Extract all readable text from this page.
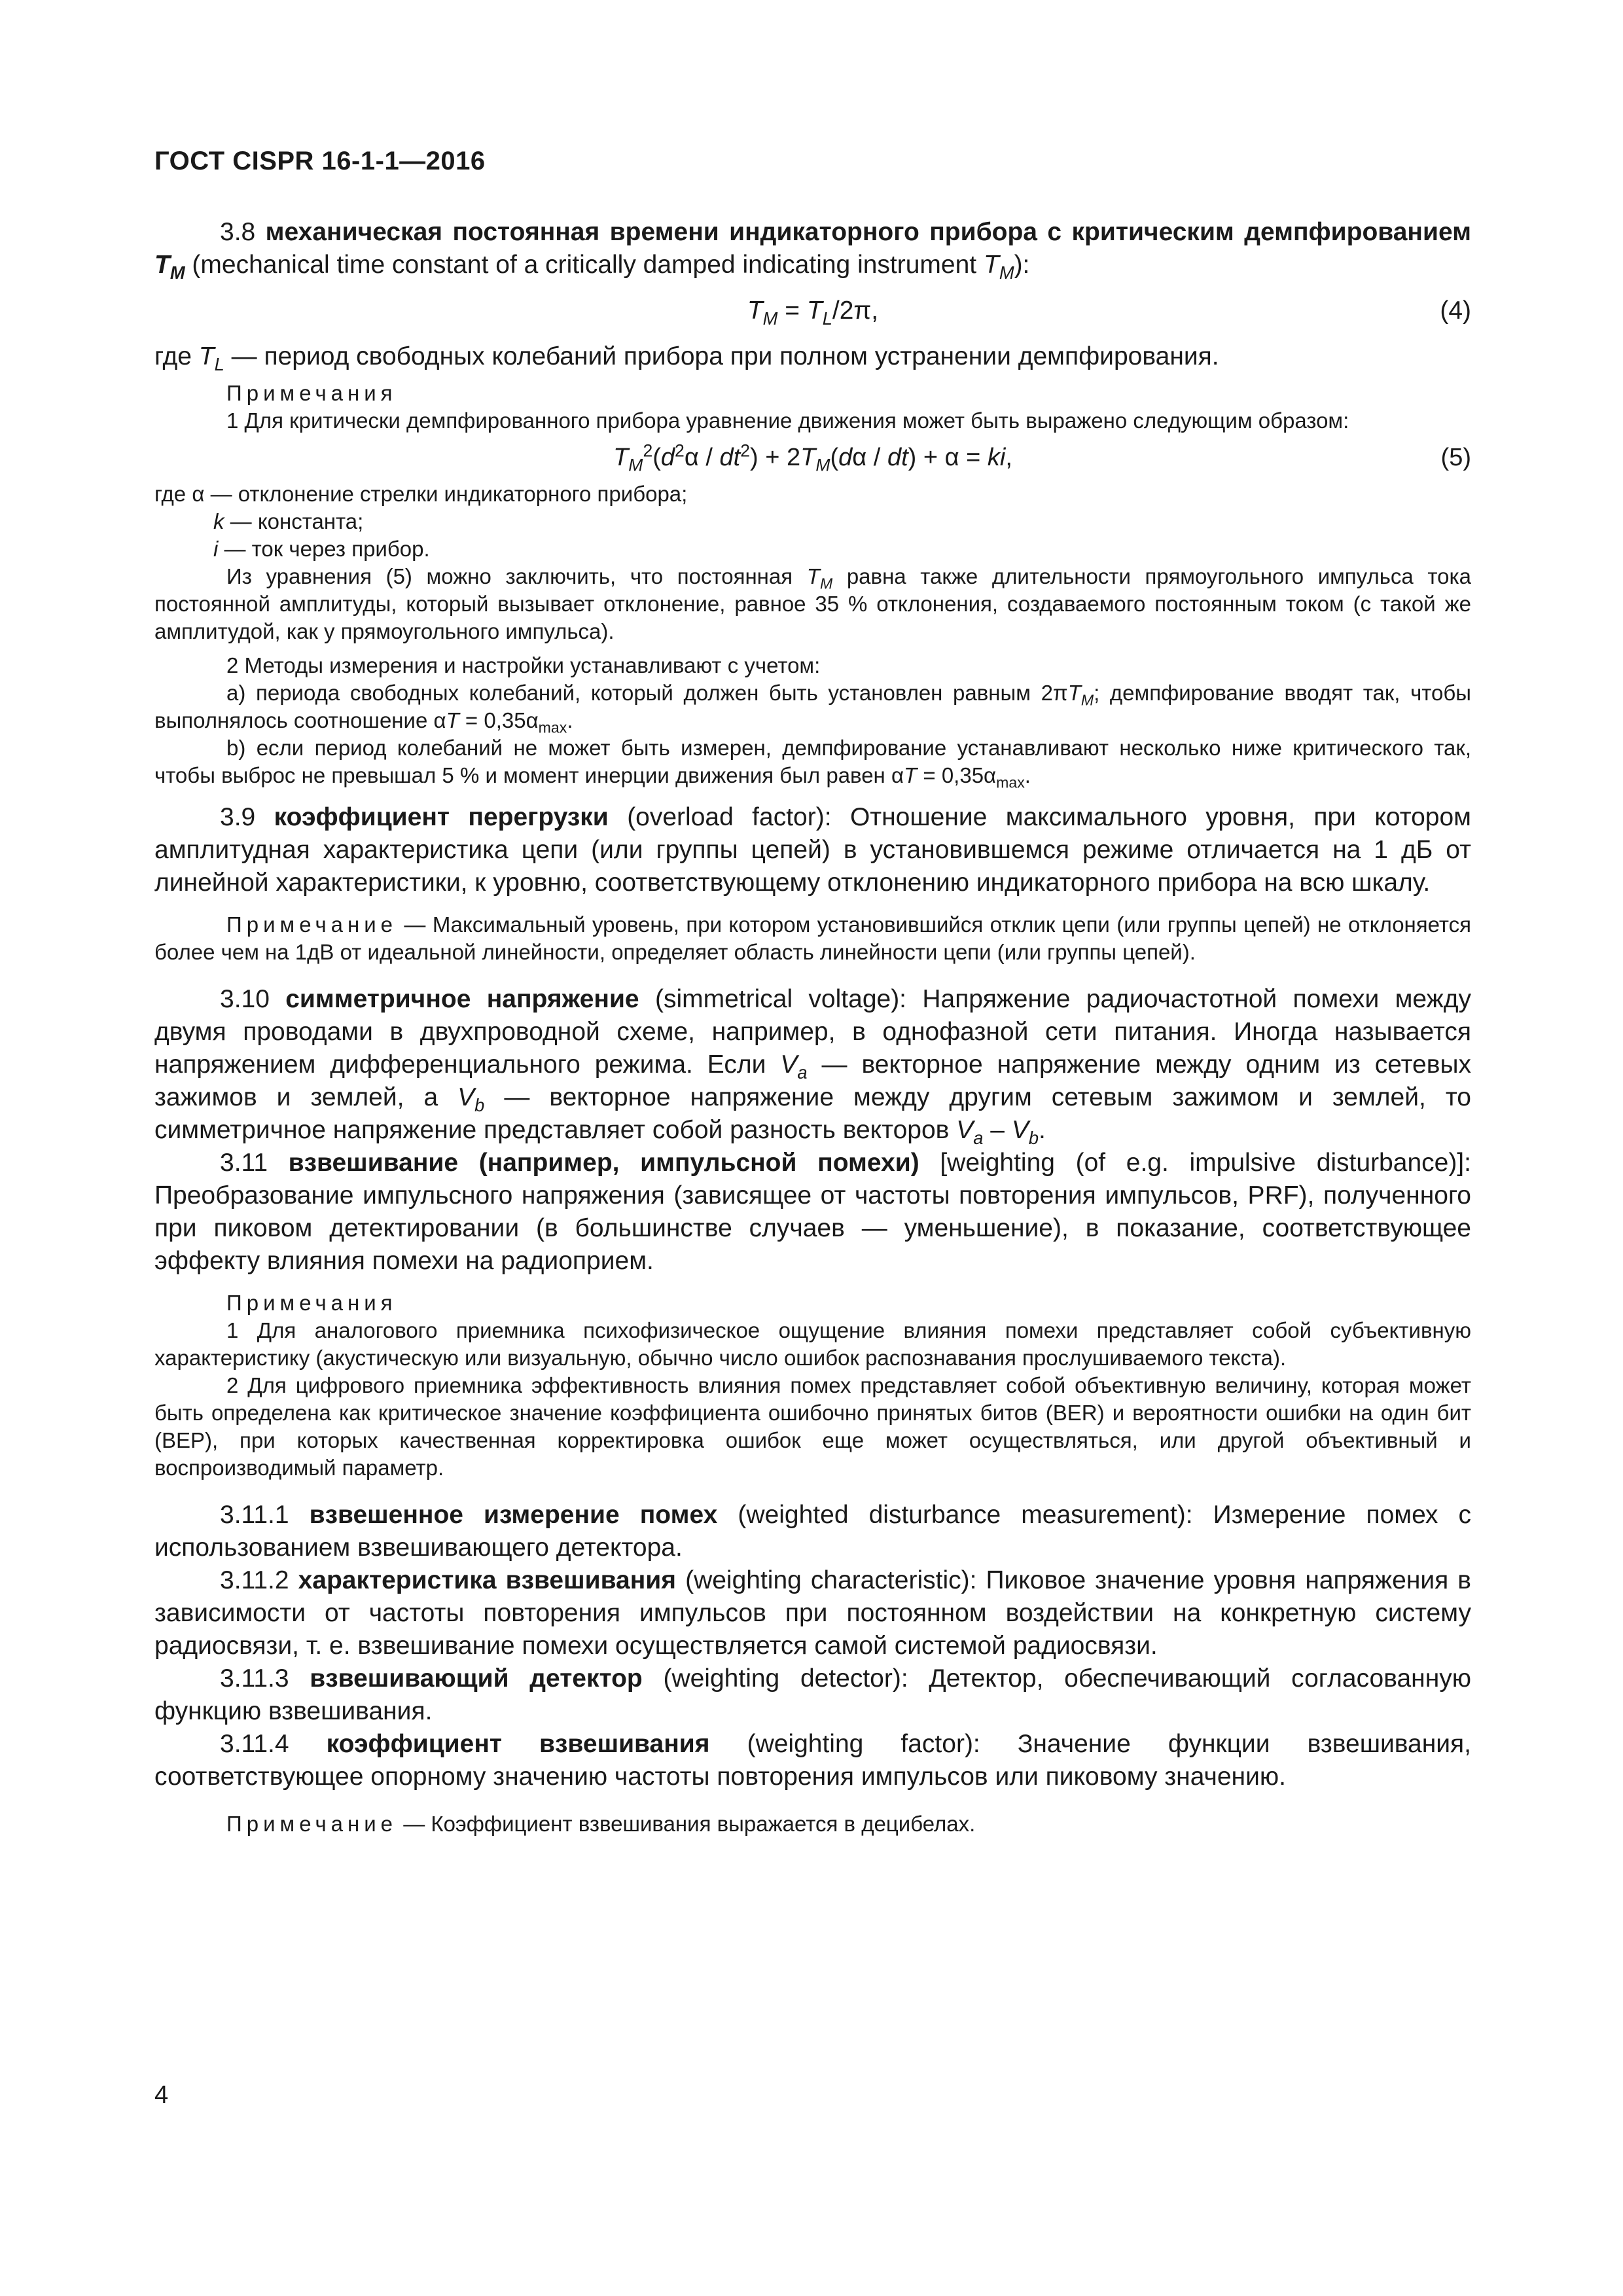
ГОСТ CISPR 16-1-1—2016

3.8 механическая постоянная времени индикаторного прибора с критическим демпфированием $T_M$ (mechanical time constant of a critically damped indicating instrument $T_M$):

$T_M = T_L/2\pi$,	(4)

где $T_L$ — период свободных колебаний прибора при полном устранении демпфирования.

Примечания

1 Для критически демпфированного прибора уравнение движения может быть выражено следующим образом:

$T_M^2(d^2\alpha / dt^2) + 2T_M(d\alpha / dt) + \alpha$ = ki,	(5)

где α — отклонение стрелки индикаторного прибора;

k — константа;

i — ток через прибор.

Из уравнения (5) можно заключить, что постоянная $T_M$ равна также длительности прямоугольного импульса тока постоянной амплитуды, который вызывает отклонение, равное 35 % отклонения, создаваемого постоянным током (с такой же амплитудой, как у прямоугольного импульса).

2 Методы измерения и настройки устанавливают с учетом:

а) периода свободных колебаний, который должен быть установлен равным $2\pi T_M$; демпфирование вводят так, чтобы выполнялось соотношение $\alpha T = 0,35\alpha_{max}$.

b) если период колебаний не может быть измерен, демпфирование устанавливают несколько ниже критического так, чтобы выброс не превышал 5 % и момент инерции движения был равен $\alpha T = 0,35\alpha_{max}$.

3.9 коэффициент перегрузки (overload factor): Отношение максимального уровня, при котором амплитудная характеристика цепи (или группы цепей) в установившемся режиме отличается на 1 дБ от линейной характеристики, к уровню, соответствующему отклонению индикаторного прибора на всю шкалу.

Примечание — Максимальный уровень, при котором установившийся отклик цепи (или группы цепей) не отклоняется более чем на 1дВ от идеальной линейности, определяет область линейности цепи (или группы цепей).

3.10 симметричное напряжение (simmetrical voltage): Напряжение радиочастотной помехи между двумя проводами в двухпроводной схеме, например, в однофазной сети питания. Иногда называется напряжением дифференциального режима. Если $V_a$ — векторное напряжение между одним из сетевых зажимов и землей, а $V_b$ — векторное напряжение между другим сетевым зажимом и землей, то симметричное напряжение представляет собой разность векторов $V_a - V_b$.

3.11 взвешивание (например, импульсной помехи) [weighting (of e.g. impulsive disturbance)]: Преобразование импульсного напряжения (зависящее от частоты повторения импульсов, PRF), полученного при пиковом детектировании (в большинстве случаев — уменьшение), в показание, соответствующее эффекту влияния помехи на радиоприем.

Примечания

1 Для аналогового приемника психофизическое ощущение влияния помехи представляет собой субъективную характеристику (акустическую или визуальную, обычно число ошибок распознавания прослушиваемого текста).

2 Для цифрового приемника эффективность влияния помех представляет собой объективную величину, которая может быть определена как критическое значение коэффициента ошибочно принятых битов (BER) и вероятности ошибки на один бит (BEP), при которых качественная корректировка ошибок еще может осуществляться, или другой объективный и воспроизводимый параметр.

3.11.1 взвешенное измерение помех (weighted disturbance measurement): Измерение помех с использованием взвешивающего детектора.

3.11.2 характеристика взвешивания (weighting characteristic): Пиковое значение уровня напряжения в зависимости от частоты повторения импульсов при постоянном воздействии на конкретную систему радиосвязи, т. е. взвешивание помехи осуществляется самой системой радиосвязи.

3.11.3 взвешивающий детектор (weighting detector): Детектор, обеспечивающий согласованную функцию взвешивания.

3.11.4 коэффициент взвешивания (weighting factor): Значение функции взвешивания, соответствующее опорному значению частоты повторения импульсов или пиковому значению.

Примечание — Коэффициент взвешивания выражается в децибелах.

4
